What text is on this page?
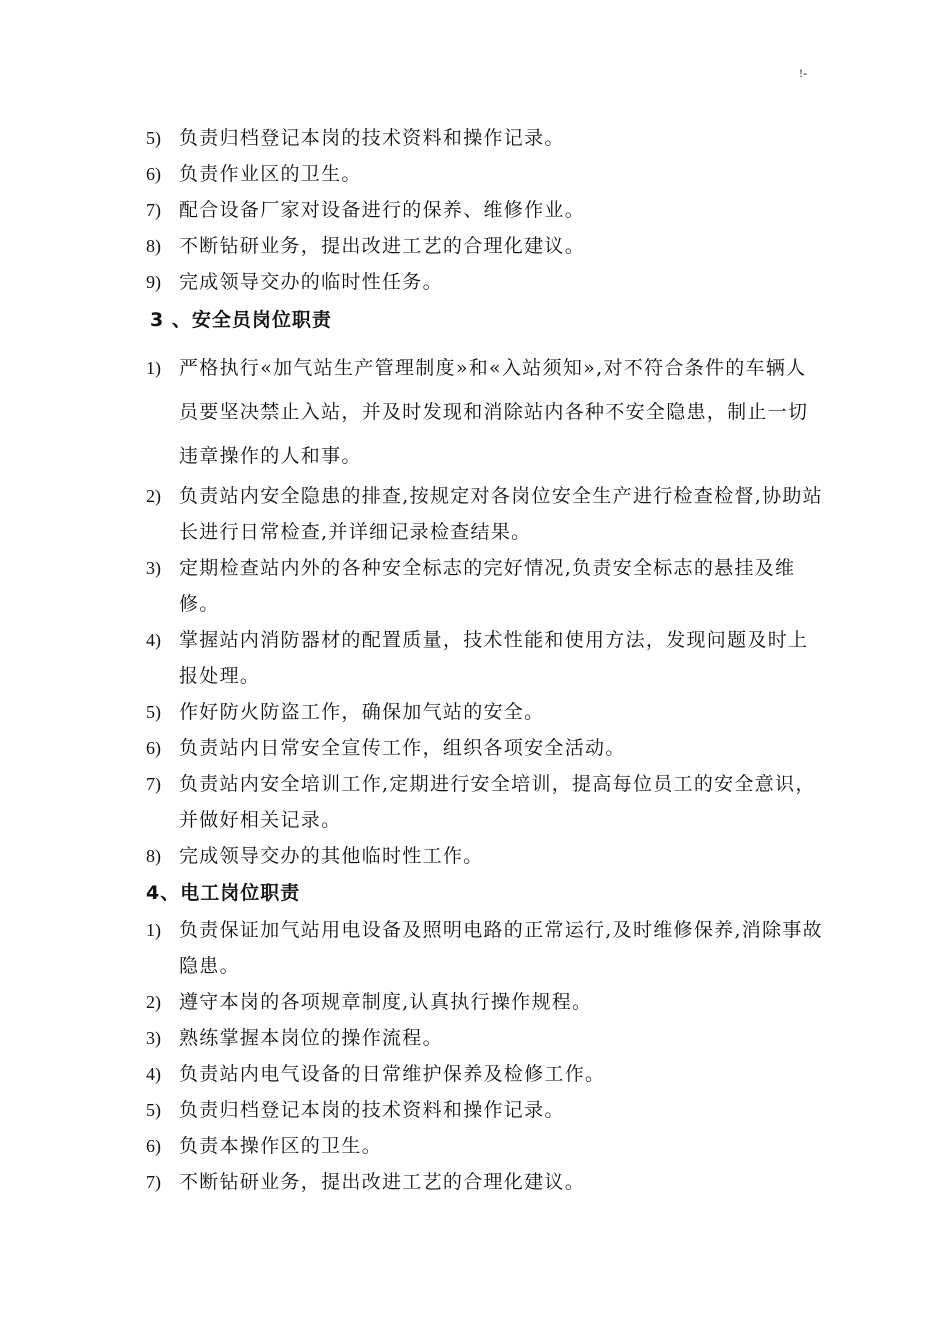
!-
5) 负责归档登记本岗的技术资料和操作记录。
6) 负责作业区的卫生。
7) 配合设备厂家对设备进行的保养、维修作业。
8) 不断钻研业务，提出改进工艺的合理化建议。
9) 完成领导交办的临时性任务。
3 、安全员岗位职责
1) 严格执行«加气站生产管理制度»和«入站须知»,对不符合条件的车辆人员要坚决禁止入站，并及时发现和消除站内各种不安全隐患，制止一切违章操作的人和事。
2) 负责站内安全隐患的排查,按规定对各岗位安全生产进行检查检督,协助站长进行日常检查,并详细记录检查结果。
3) 定期检查站内外的各种安全标志的完好情况,负责安全标志的悬挂及维修。
4) 掌握站内消防器材的配置质量，技术性能和使用方法，发现问题及时上报处理。
5) 作好防火防盗工作，确保加气站的安全。
6) 负责站内日常安全宣传工作，组织各项安全活动。
7) 负责站内安全培训工作,定期进行安全培训，提高每位员工的安全意识，并做好相关记录。
8) 完成领导交办的其他临时性工作。
4、电工岗位职责
1) 负责保证加气站用电设备及照明电路的正常运行,及时维修保养,消除事故隐患。
2) 遵守本岗的各项规章制度,认真执行操作规程。
3) 熟练掌握本岗位的操作流程。
4) 负责站内电气设备的日常维护保养及检修工作。
5) 负责归档登记本岗的技术资料和操作记录。
6) 负责本操作区的卫生。
7) 不断钻研业务，提出改进工艺的合理化建议。
